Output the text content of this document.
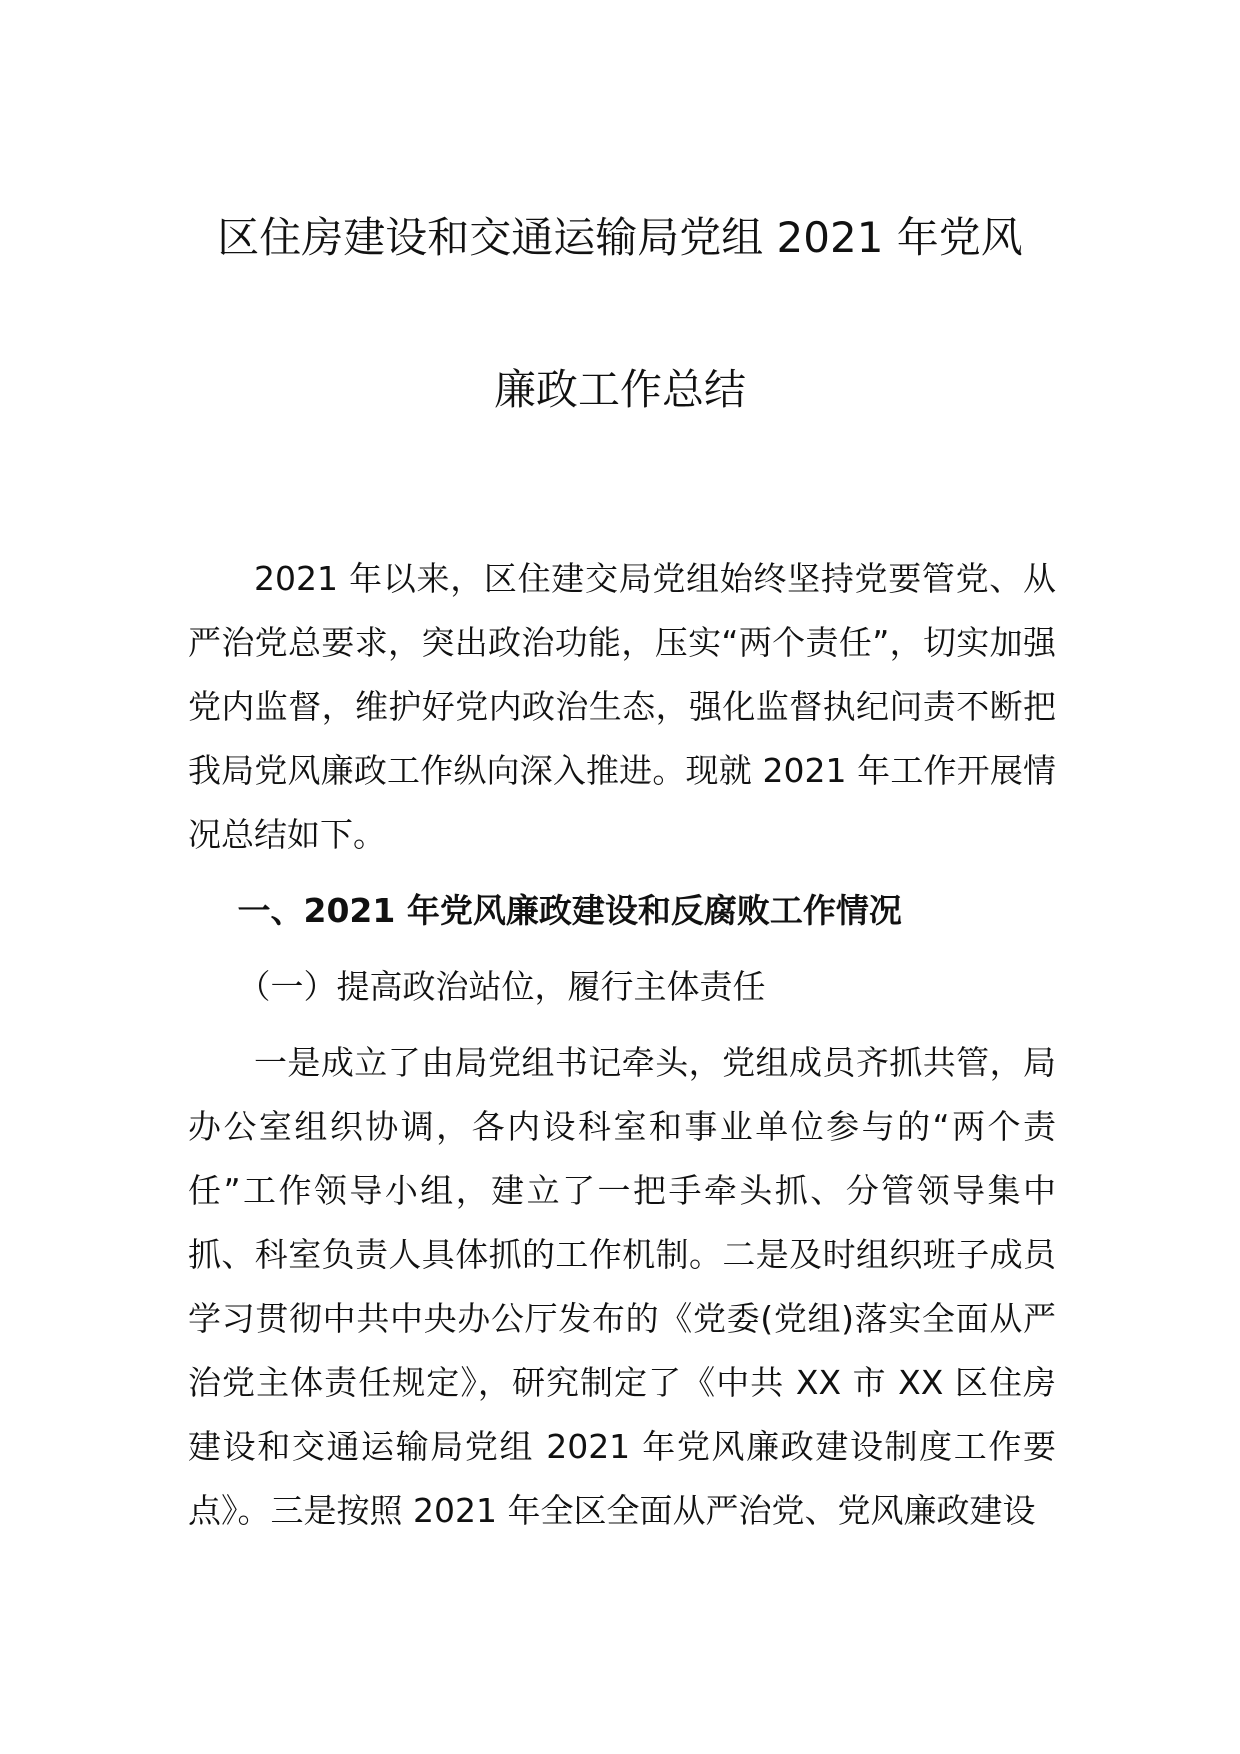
区住房建设和交通运输局党组 2021 年党风
廉政工作总结

2021 年以来，区住建交局党组始终坚持党要管党、从严治党总要求，突出政治功能，压实“两个责任”，切实加强党内监督，维护好党内政治生态，强化监督执纪问责不断把我局党风廉政工作纵向深入推进。现就 2021 年工作开展情况总结如下。

一、2021 年党风廉政建设和反腐败工作情况

（一）提高政治站位，履行主体责任

一是成立了由局党组书记牵头，党组成员齐抓共管，局办公室组织协调，各内设科室和事业单位参与的“两个责任”工作领导小组，建立了一把手牵头抓、分管领导集中抓、科室负责人具体抓的工作机制。二是及时组织班子成员学习贯彻中共中央办公厅发布的《党委(党组)落实全面从严治党主体责任规定》，研究制定了《中共 XX 市 XX 区住房建设和交通运输局党组 2021 年党风廉政建设制度工作要点》。三是按照 2021 年全区全面从严治党、党风廉政建设
